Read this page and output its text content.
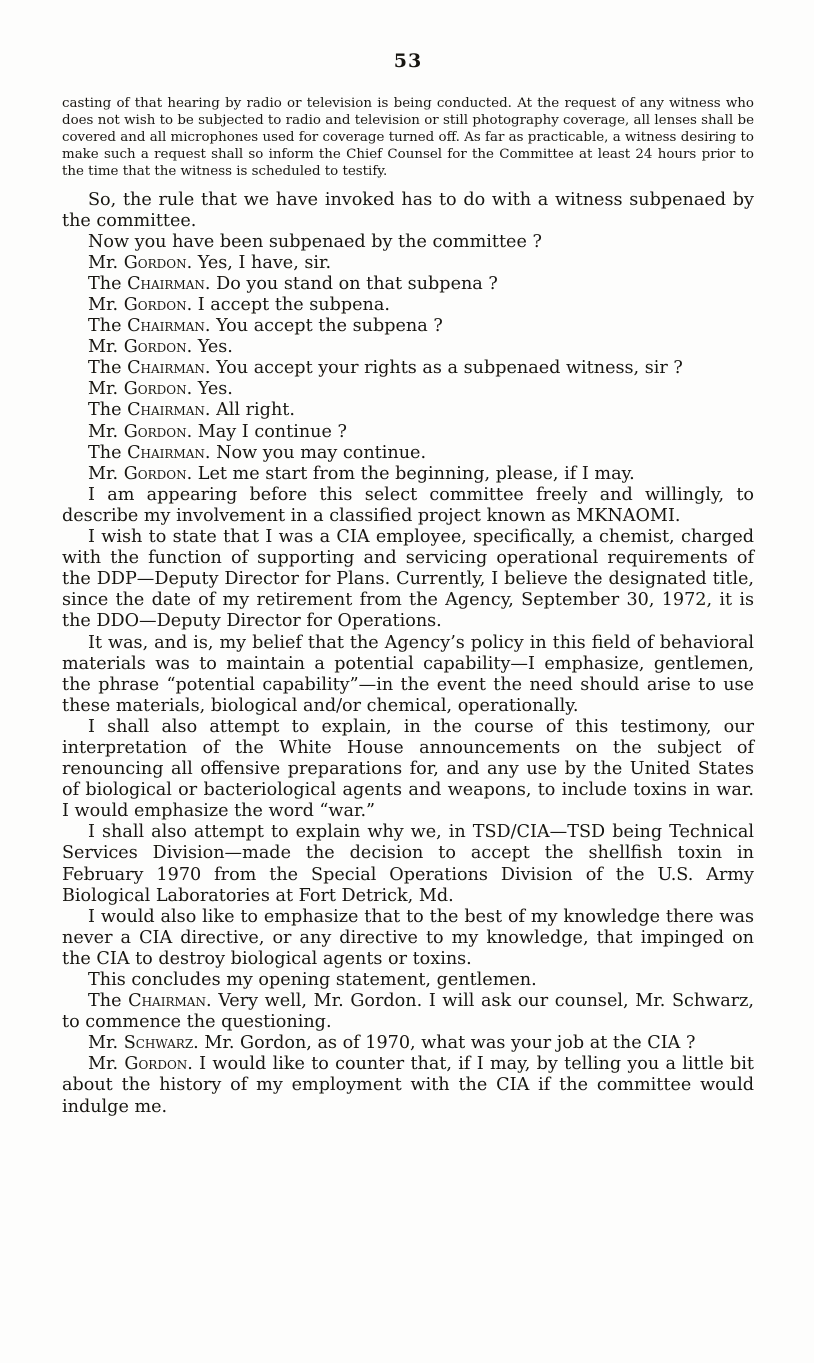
53
casting of that hearing by radio or television is being conducted. At the request of any witness who does not wish to be subjected to radio and television or still photography coverage, all lenses shall be covered and all microphones used for coverage turned off. As far as practicable, a witness desiring to make such a request shall so inform the Chief Counsel for the Committee at least 24 hours prior to the time that the witness is scheduled to testify.

So, the rule that we have invoked has to do with a witness subpenaed by the committee.

Now you have been subpenaed by the committee ?

Mr. Gordon. Yes, I have, sir.

The Chairman. Do you stand on that subpena ?

Mr. Gordon. I accept the subpena.

The Chairman. You accept the subpena ?

Mr. Gordon. Yes.

The Chairman. You accept your rights as a subpenaed witness, sir ?

Mr. Gordon. Yes.

The Chairman. All right.

Mr. Gordon. May I continue ?

The Chairman. Now you may continue.

Mr. Gordon. Let me start from the beginning, please, if I may.

I am appearing before this select committee freely and willingly, to describe my involvement in a classified project known as MKNAOMI.

I wish to state that I was a CIA employee, specifically, a chemist, charged with the function of supporting and servicing operational requirements of the DDP—Deputy Director for Plans. Currently, I believe the designated title, since the date of my retirement from the Agency, September 30, 1972, it is the DDO—Deputy Director for Operations.

It was, and is, my belief that the Agency’s policy in this field of behavioral materials was to maintain a potential capability—I emphasize, gentlemen, the phrase “potential capability”—in the event the need should arise to use these materials, biological and/or chemical, operationally.

I shall also attempt to explain, in the course of this testimony, our interpretation of the White House announcements on the subject of renouncing all offensive preparations for, and any use by the United States of biological or bacteriological agents and weapons, to include toxins in war. I would emphasize the word “war.”

I shall also attempt to explain why we, in TSD/CIA—TSD being Technical Services Division—made the decision to accept the shellfish toxin in February 1970 from the Special Operations Division of the U.S. Army Biological Laboratories at Fort Detrick, Md.

I would also like to emphasize that to the best of my knowledge there was never a CIA directive, or any directive to my knowledge, that impinged on the CIA to destroy biological agents or toxins.

This concludes my opening statement, gentlemen.

The Chairman. Very well, Mr. Gordon. I will ask our counsel, Mr. Schwarz, to commence the questioning.

Mr. Schwarz. Mr. Gordon, as of 1970, what was your job at the CIA ?

Mr. Gordon. I would like to counter that, if I may, by telling you a little bit about the history of my employment with the CIA if the committee would indulge me.
